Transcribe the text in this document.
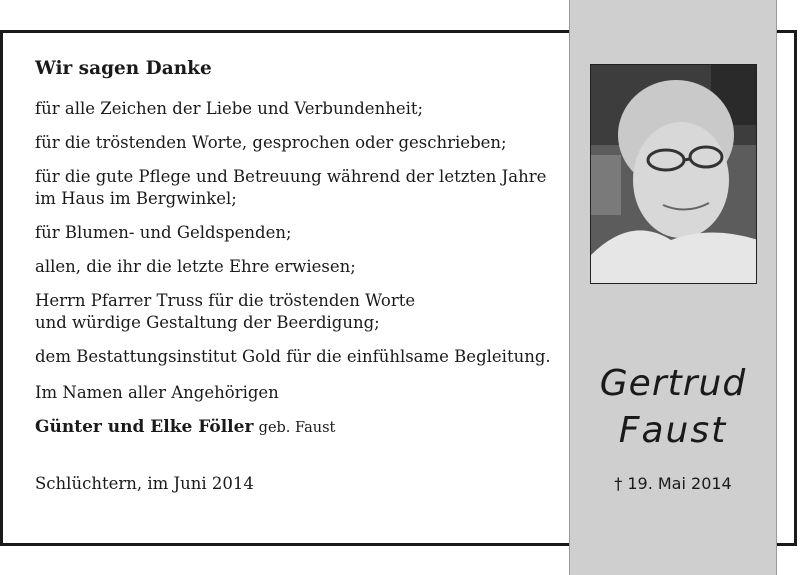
Wir sagen Danke
für alle Zeichen der Liebe und Verbundenheit;
für die tröstenden Worte, gesprochen oder geschrieben;
für die gute Pflege und Betreuung während der letzten Jahre
im Haus im Bergwinkel;
für Blumen- und Geldspenden;
allen, die ihr die letzte Ehre erwiesen;
Herrn Pfarrer Truss für die tröstenden Worte
und würdige Gestaltung der Beerdigung;
dem Bestattungsinstitut Gold für die einfühlsame Begleitung.
Im Namen aller Angehörigen
Günter und Elke Föller geb. Faust
Schlüchtern, im Juni 2014
Gertrud
Faust
† 19. Mai 2014
